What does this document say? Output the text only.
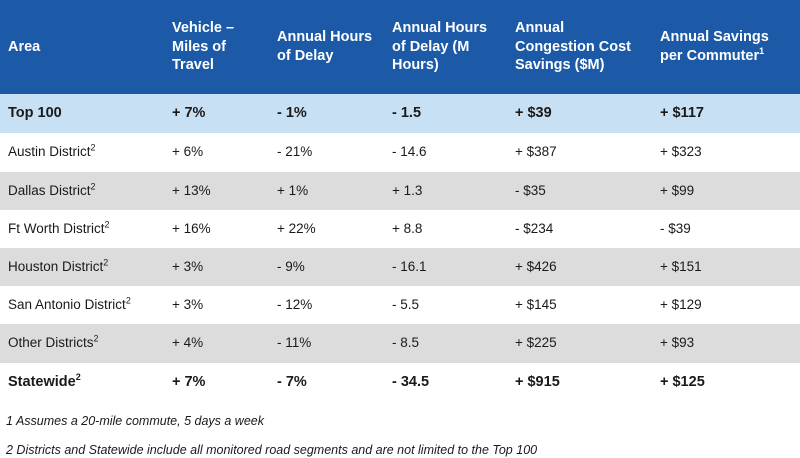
Area	Vehicle – Miles of Travel	Annual Hours of Delay	Annual Hours of Delay (M Hours)	Annual Congestion Cost Savings ($M)	Annual Savings per Commuter$^1$
Top 100	+ 7%	- 1%	- 1.5	+ $39	+ $117
Austin District$^2$	+ 6%	- 21%	- 14.6	+ $387	+ $323
Dallas District$^2$	+ 13%	+ 1%	+ 1.3	- $35	+ $99
Ft Worth District$^2$	+ 16%	+ 22%	+ 8.8	- $234	- $39
Houston District$^2$	+ 3%	- 9%	- 16.1	+ $426	+ $151
San Antonio District$^2$	+ 3%	- 12%	- 5.5	+ $145	+ $129
Other Districts$^2$	+ 4%	- 11%	- 8.5	+ $225	+ $93
Statewide$^2$	+ 7%	- 7%	- 34.5	+ $915	+ $125

1 Assumes a 20-mile commute, 5 days a week

2 Districts and Statewide include all monitored road segments and are not limited to the Top 100
